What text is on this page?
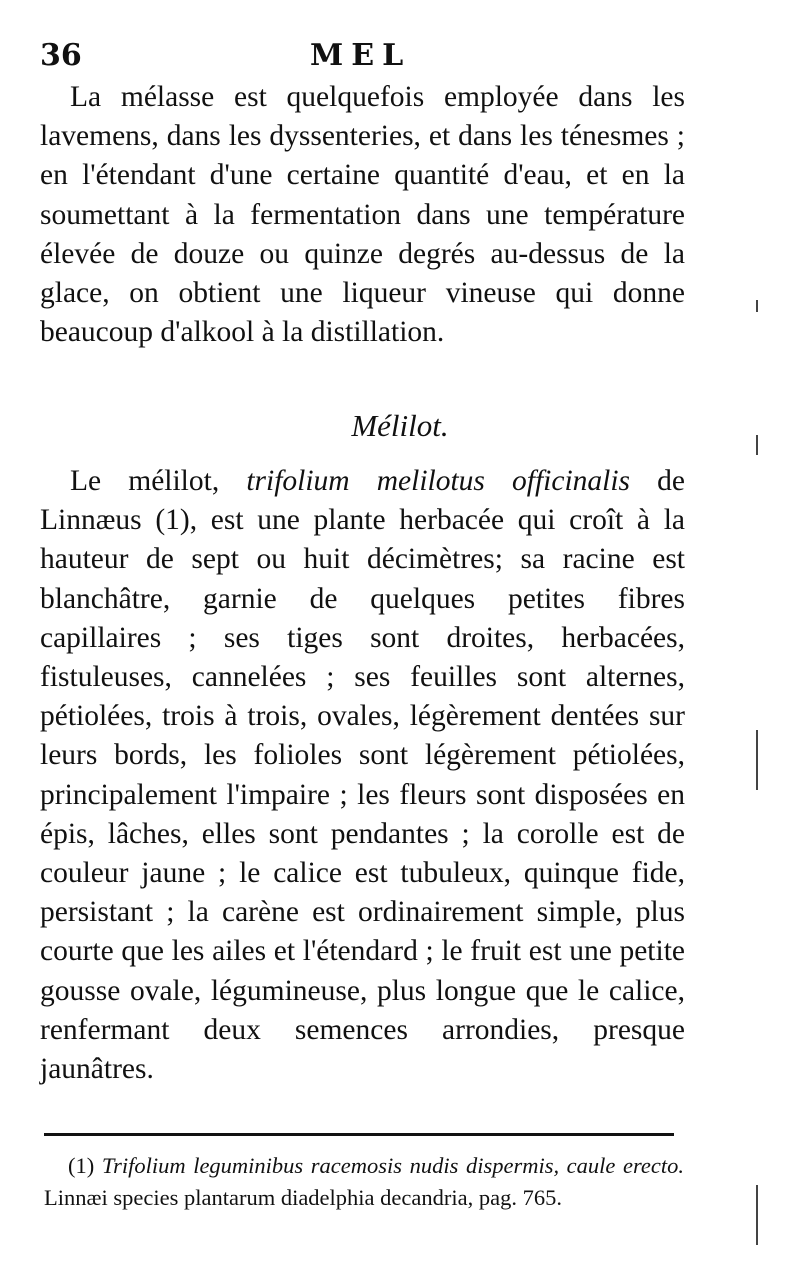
36	MEL

La mélasse est quelquefois employée dans les lavemens, dans les dyssenteries, et dans les ténesmes ; en l'étendant d'une certaine quantité d'eau, et en la soumettant à la fermentation dans une température élevée de douze ou quinze degrés au-dessus de la glace, on obtient une liqueur vineuse qui donne beaucoup d'alkool à la distillation.

Mélilot.

Le mélilot, trifolium melilotus officinalis de Linnæus (1), est une plante herbacée qui croît à la hauteur de sept ou huit décimètres; sa racine est blanchâtre, garnie de quelques petites fibres capillaires ; ses tiges sont droites, herbacées, fistuleuses, cannelées ; ses feuilles sont alternes, pétiolées, trois à trois, ovales, légèrement dentées sur leurs bords, les folioles sont légèrement pétiolées, principalement l'impaire ; les fleurs sont disposées en épis, lâches, elles sont pendantes ; la corolle est de couleur jaune ; le calice est tubuleux, quinque fide, persistant ; la carène est ordinairement simple, plus courte que les ailes et l'étendard ; le fruit est une petite gousse ovale, légumineuse, plus longue que le calice, renfermant deux semences arrondies, presque jaunâtres.

(1) Trifolium leguminibus racemosis nudis dispermis, caule erecto. Linnæi species plantarum diadelphia decandria, pag. 765.
